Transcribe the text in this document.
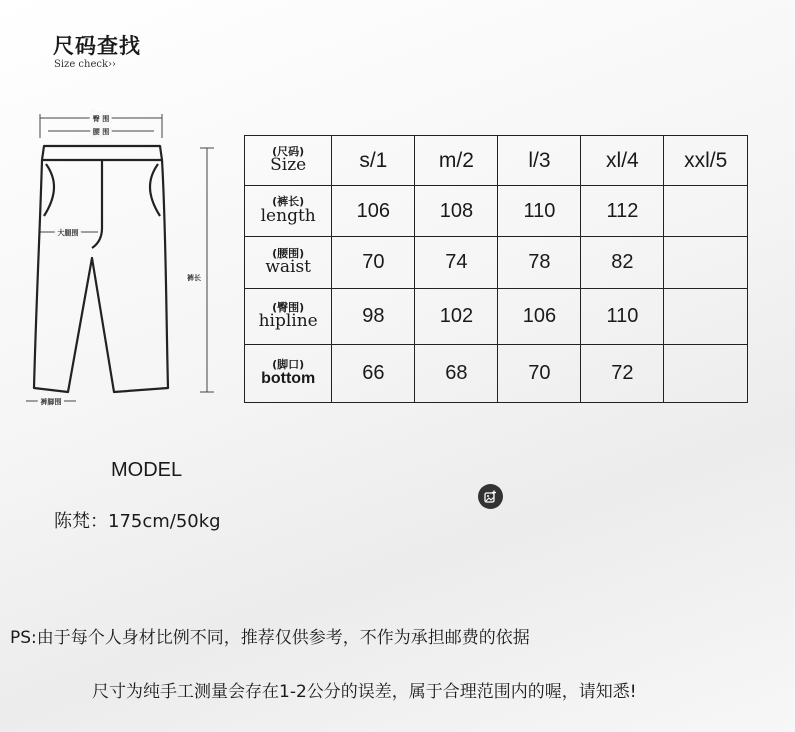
尺码查找
Size check››
臀 围
腰 围
大腿围
裤长
裤脚围
(尺码)
Size	s/1	m/2	l/3	xl/4	xxl/5

(裤长)
length	106	108	110	112	

(腰围)
waist	70	74	78	82	

(臀围)
hipline	98	102	106	110	

(脚口)
bottom	66	68	70	72	
MODEL
陈梵：175cm/50kg
PS:由于每个人身材比例不同，推荐仅供参考，不作为承担邮费的依据
尺寸为纯手工测量会存在1-2公分的误差，属于合理范围内的喔，请知悉!
